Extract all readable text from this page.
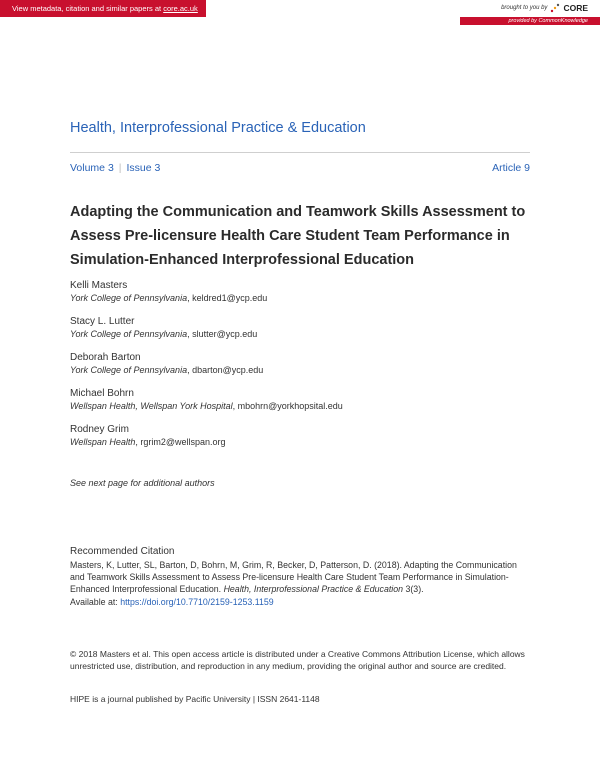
View metadata, citation and similar papers at core.ac.uk	brought to you by CORE
provided by CommonKnowledge
Health, Interprofessional Practice & Education
Volume 3 | Issue 3	Article 9
Adapting the Communication and Teamwork Skills Assessment to Assess Pre-licensure Health Care Student Team Performance in Simulation-Enhanced Interprofessional Education
Kelli Masters
York College of Pennsylvania, keldred1@ycp.edu
Stacy L. Lutter
York College of Pennsylvania, slutter@ycp.edu
Deborah Barton
York College of Pennsylvania, dbarton@ycp.edu
Michael Bohrn
Wellspan Health, Wellspan York Hospital, mbohrn@yorkhopsital.edu
Rodney Grim
Wellspan Health, rgrim2@wellspan.org
See next page for additional authors
Recommended Citation
Masters, K, Lutter, SL, Barton, D, Bohrn, M, Grim, R, Becker, D, Patterson, D. (2018). Adapting the Communication and Teamwork Skills Assessment to Assess Pre-licensure Health Care Student Team Performance in Simulation-Enhanced Interprofessional Education. Health, Interprofessional Practice & Education 3(3).
Available at: https://doi.org/10.7710/2159-1253.1159
© 2018 Masters et al. This open access article is distributed under a Creative Commons Attribution License, which allows unrestricted use, distribution, and reproduction in any medium, providing the original author and source are credited.
HIPE is a journal published by Pacific University | ISSN 2641-1148
